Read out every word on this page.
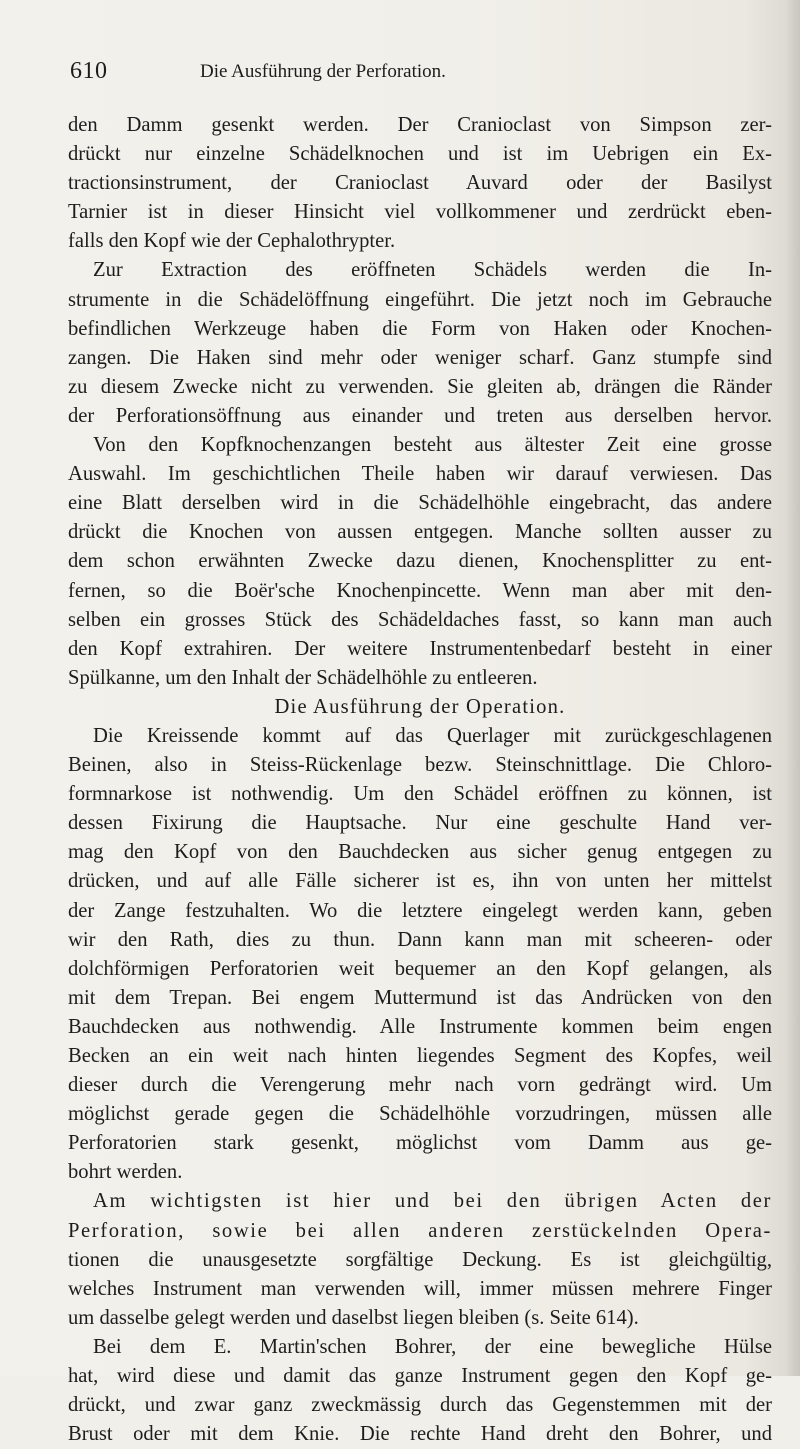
610	Die Ausführung der Perforation.
den Damm gesenkt werden. Der Cranioclast von Simpson zer-
drückt nur einzelne Schädelknochen und ist im Uebrigen ein Ex-
tractionsinstrument, der Cranioclast Auvard oder der Basilyst
Tarnier ist in dieser Hinsicht viel vollkommener und zerdrückt eben-
falls den Kopf wie der Cephalothrypter.
Zur Extraction des eröffneten Schädels werden die In-
strumente in die Schädelöffnung eingeführt. Die jetzt noch im Gebrauche
befindlichen Werkzeuge haben die Form von Haken oder Knochen-
zangen. Die Haken sind mehr oder weniger scharf. Ganz stumpfe sind
zu diesem Zwecke nicht zu verwenden. Sie gleiten ab, drängen die Ränder
der Perforationsöffnung aus einander und treten aus derselben hervor.
Von den Kopfknochenzangen besteht aus ältester Zeit eine grosse
Auswahl. Im geschichtlichen Theile haben wir darauf verwiesen. Das
eine Blatt derselben wird in die Schädelhöhle eingebracht, das andere
drückt die Knochen von aussen entgegen. Manche sollten ausser zu
dem schon erwähnten Zwecke dazu dienen, Knochensplitter zu ent-
fernen, so die Boër'sche Knochenpincette. Wenn man aber mit den-
selben ein grosses Stück des Schädeldaches fasst, so kann man auch
den Kopf extrahiren. Der weitere Instrumentenbedarf besteht in einer
Spülkanne, um den Inhalt der Schädelhöhle zu entleeren.
Die Ausführung der Operation.
Die Kreissende kommt auf das Querlager mit zurückgeschlagenen
Beinen, also in Steiss-Rückenlage bezw. Steinschnittlage. Die Chloro-
formnarkose ist nothwendig. Um den Schädel eröffnen zu können, ist
dessen Fixirung die Hauptsache. Nur eine geschulte Hand ver-
mag den Kopf von den Bauchdecken aus sicher genug entgegen zu
drücken, und auf alle Fälle sicherer ist es, ihn von unten her mittelst
der Zange festzuhalten. Wo die letztere eingelegt werden kann, geben
wir den Rath, dies zu thun. Dann kann man mit scheeren- oder
dolchförmigen Perforatorien weit bequemer an den Kopf gelangen, als
mit dem Trepan. Bei engem Muttermund ist das Andrücken von den
Bauchdecken aus nothwendig. Alle Instrumente kommen beim engen
Becken an ein weit nach hinten liegendes Segment des Kopfes, weil
dieser durch die Verengerung mehr nach vorn gedrängt wird. Um
möglichst gerade gegen die Schädelhöhle vorzudringen, müssen alle
Perforatorien stark gesenkt, möglichst vom Damm aus ge-
bohrt werden.
Am wichtigsten ist hier und bei den übrigen Acten der
Perforation, sowie bei allen anderen zerstückelnden Opera-
tionen die unausgesetzte sorgfältige Deckung. Es ist gleichgültig,
welches Instrument man verwenden will, immer müssen mehrere Finger
um dasselbe gelegt werden und daselbst liegen bleiben (s. Seite 614).
Bei dem E. Martin'schen Bohrer, der eine bewegliche Hülse
hat, wird diese und damit das ganze Instrument gegen den Kopf ge-
drückt, und zwar ganz zweckmässig durch das Gegenstemmen mit der
Brust oder mit dem Knie. Die rechte Hand dreht den Bohrer, und
